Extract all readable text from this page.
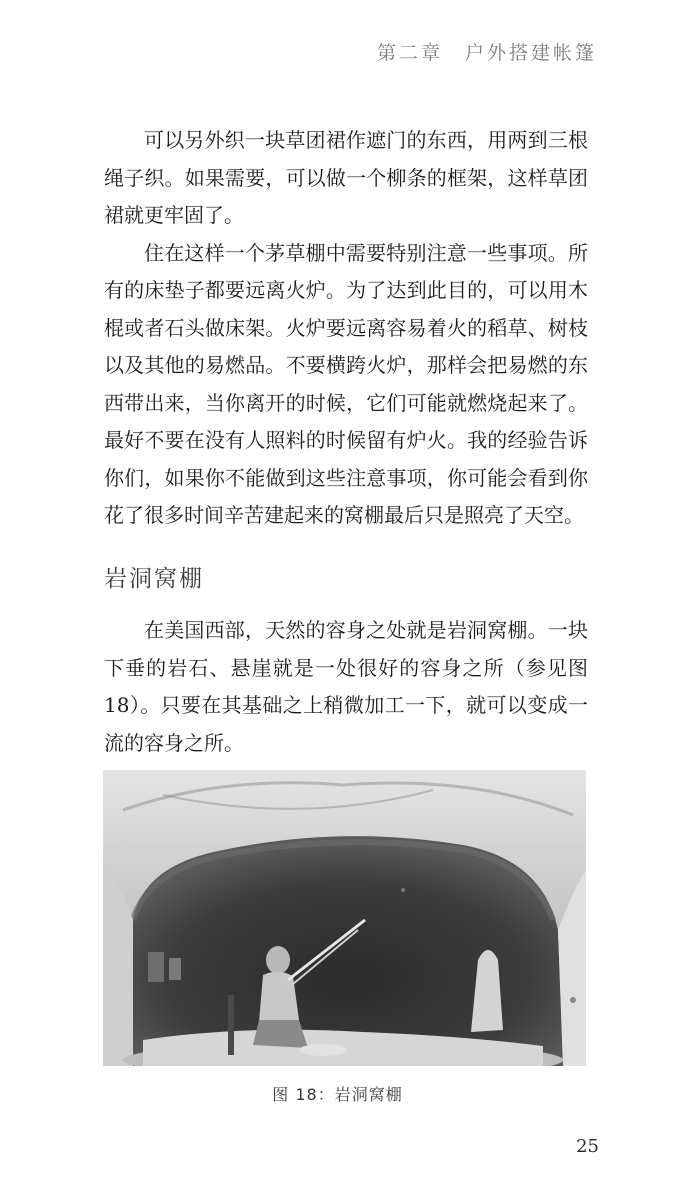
第二章　户外搭建帐篷

可以另外织一块草团裙作遮门的东西，用两到三根绳子织。如果需要，可以做一个柳条的框架，这样草团裙就更牢固了。

住在这样一个茅草棚中需要特别注意一些事项。所有的床垫子都要远离火炉。为了达到此目的，可以用木棍或者石头做床架。火炉要远离容易着火的稻草、树枝以及其他的易燃品。不要横跨火炉，那样会把易燃的东西带出来，当你离开的时候，它们可能就燃烧起来了。最好不要在没有人照料的时候留有炉火。我的经验告诉你们，如果你不能做到这些注意事项，你可能会看到你花了很多时间辛苦建起来的窝棚最后只是照亮了天空。

岩洞窝棚

在美国西部，天然的容身之处就是岩洞窝棚。一块下垂的岩石、悬崖就是一处很好的容身之所（参见图 18）。只要在其基础之上稍微加工一下，就可以变成一流的容身之所。

图 18：岩洞窝棚
25
